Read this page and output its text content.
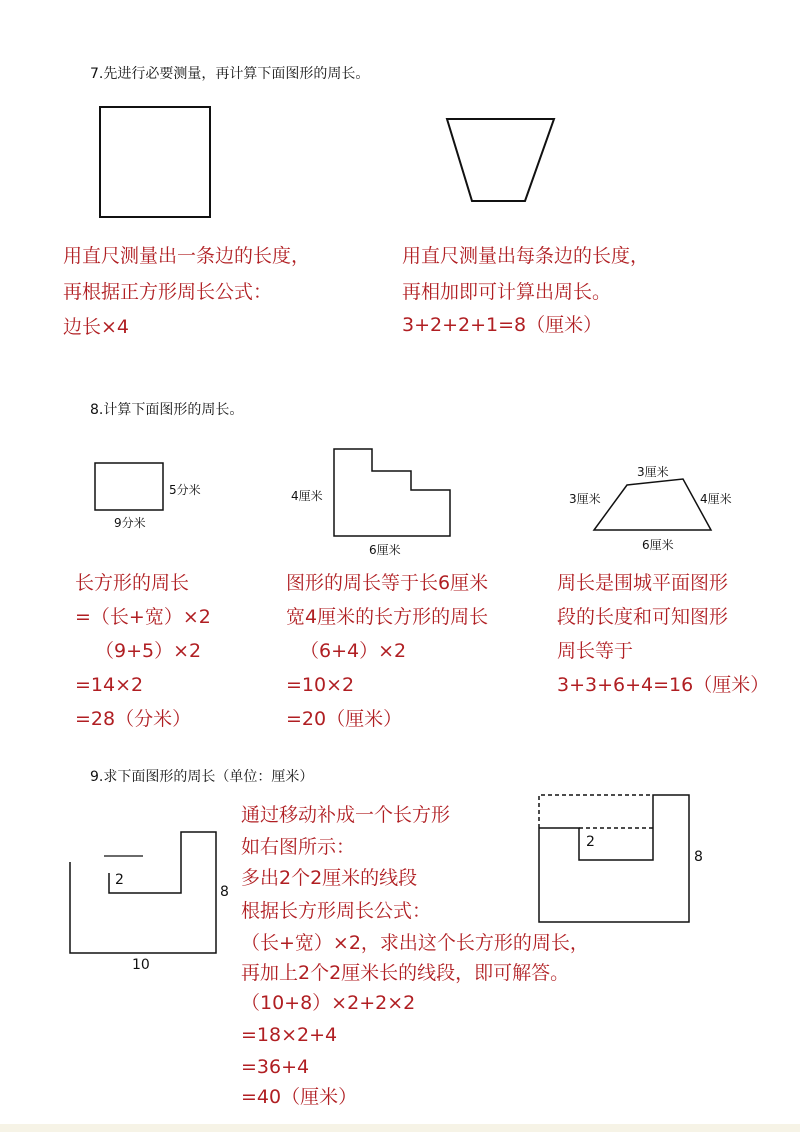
7.先进行必要测量，再计算下面图形的周长。
用直尺测量出一条边的长度，
再根据正方形周长公式：
边长×4
用直尺测量出每条边的长度，
再相加即可计算出周长。
3+2+2+1=8（厘米）
8.计算下面图形的周长。
5分米
9分米
4厘米
6厘米
3厘米
3厘米	4厘米
6厘米
长方形的周长
=（长+宽）×2
（9+5）×2
=14×2
=28（分米）
图形的周长等于长6厘米
宽4厘米的长方形的周长
（6+4）×2
=10×2
=20（厘米）
周长是围城平面图形
段的长度和可知图形
周长等于
3+3+6+4=16（厘米）
9.求下面图形的周长（单位：厘米）
2
8
10
2
8
通过移动补成一个长方形
如右图所示：
多出2个2厘米的线段
根据长方形周长公式：
（长+宽）×2，求出这个长方形的周长，
再加上2个2厘米长的线段，即可解答。
（10+8）×2+2×2
=18×2+4
=36+4
=40（厘米）
